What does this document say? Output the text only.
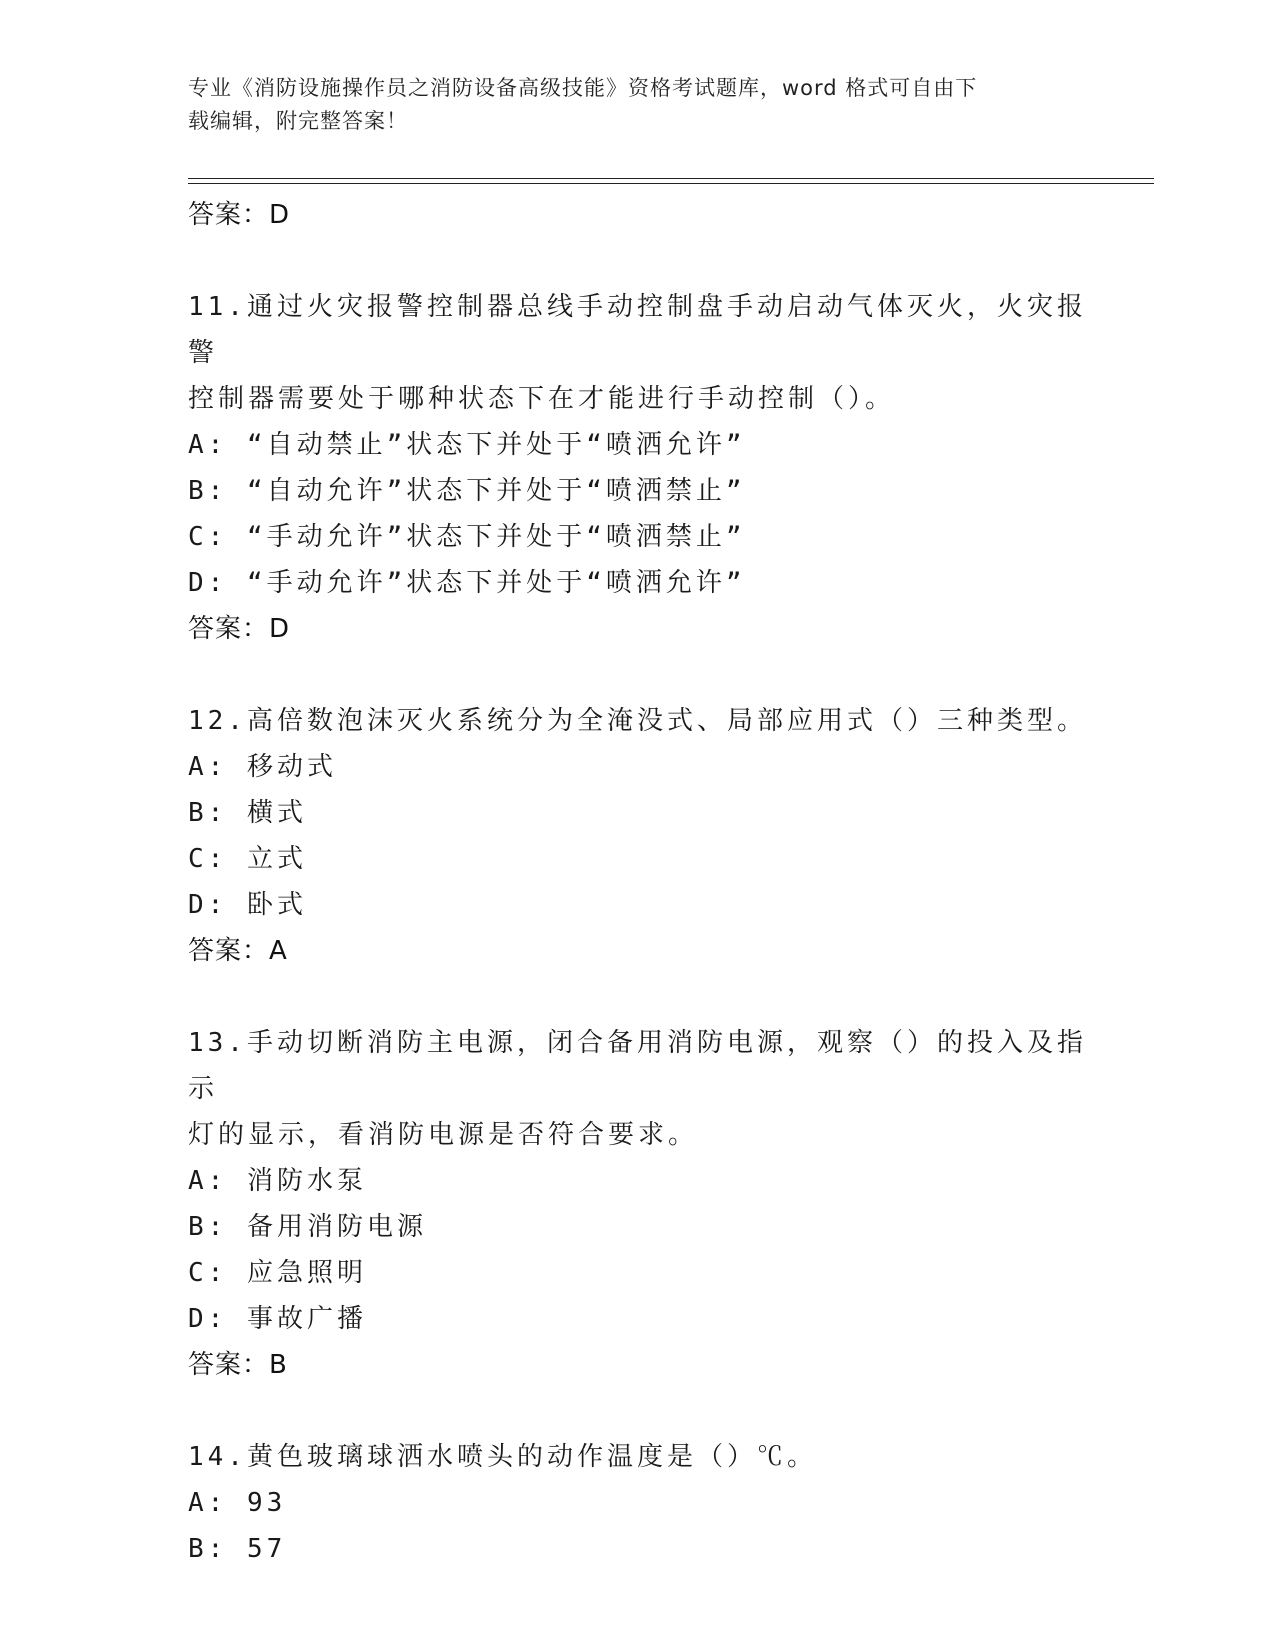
专业《消防设施操作员之消防设备高级技能》资格考试题库，word 格式可自由下
载编辑，附完整答案！
答案：D
11.通过火灾报警控制器总线手动控制盘手动启动气体灭火，火灾报警
控制器需要处于哪种状态下在才能进行手动控制（）。
A: “自动禁止”状态下并处于“喷洒允许”
B: “自动允许”状态下并处于“喷洒禁止”
C: “手动允许”状态下并处于“喷洒禁止”
D: “手动允许”状态下并处于“喷洒允许”
答案：D
12.高倍数泡沫灭火系统分为全淹没式、局部应用式（）三种类型。
A: 移动式
B: 横式
C: 立式
D: 卧式
答案：A
13.手动切断消防主电源，闭合备用消防电源，观察（）的投入及指示
灯的显示，看消防电源是否符合要求。
A: 消防水泵
B: 备用消防电源
C: 应急照明
D: 事故广播
答案：B
14.黄色玻璃球洒水喷头的动作温度是（）℃。
A: 93
B: 57
